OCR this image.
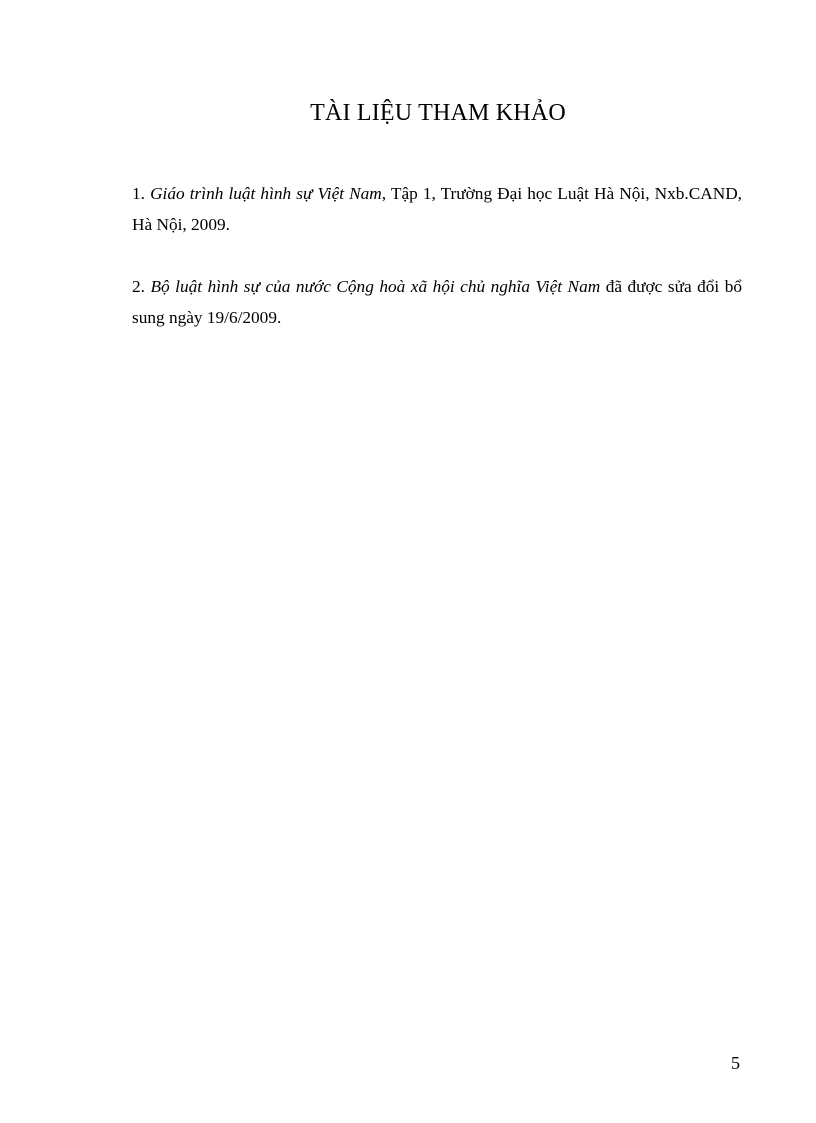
TÀI LIỆU THAM KHẢO

1. Giáo trình luật hình sự Việt Nam, Tập 1, Trường Đại học Luật Hà Nội, Nxb.CAND, Hà Nội, 2009.

2. Bộ luật hình sự của nước Cộng hoà xã hội chủ nghĩa Việt Nam đã được sửa đổi bổ sung ngày 19/6/2009.

5
